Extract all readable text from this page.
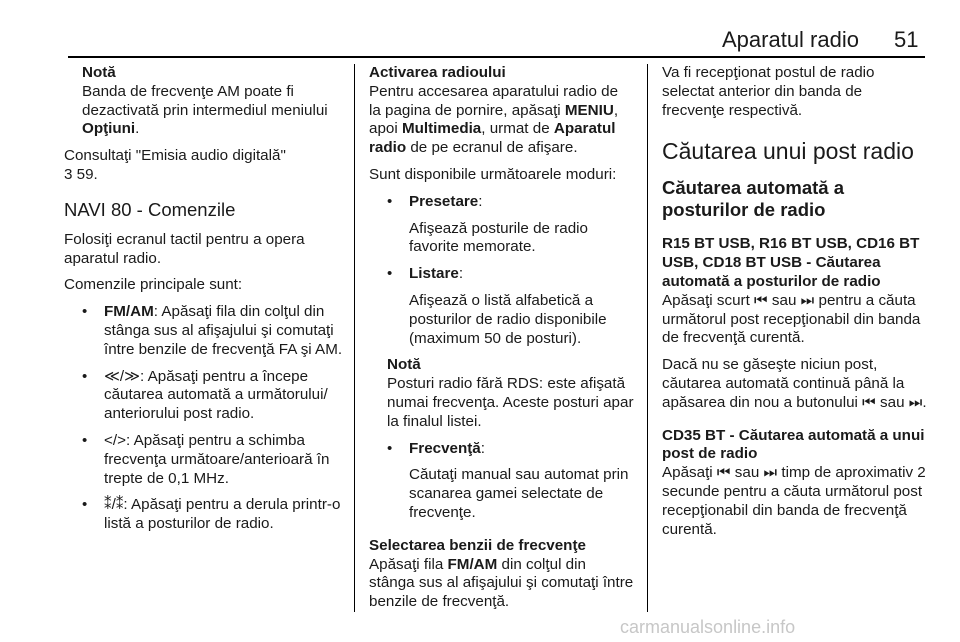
Aparatul radio 51
Notă
Banda de frecvenţe AM poate fi dezactivată prin intermediul meniului Opţiuni.

Consultaţi "Emisia audio digitală"
3 59.

NAVI 80 - Comenzile

Folosiţi ecranul tactil pentru a opera aparatul radio.

Comenzile principale sunt:

• FM/AM: Apăsaţi fila din colţul din stânga sus al afişajului şi comutaţi între benzile de frecvenţă FA şi AM.
• ≪/≫: Apăsaţi pentru a începe căutarea automată a următorului/ anteriorului post radio.
• </>: Apăsaţi pentru a schimba frecvenţa următoare/anterioară în trepte de 0,1 MHz.
• ⁑/⁑: Apăsaţi pentru a derula printr-o listă a posturilor de radio.
Activarea radioului

Pentru accesarea aparatului radio de la pagina de pornire, apăsaţi MENIU, apoi Multimedia, urmat de Aparatul radio de pe ecranul de afişare.

Sunt disponibile următoarele moduri:

• Presetare:
Afişează posturile de radio favorite memorate.
• Listare:
Afişează o listă alfabetică a posturilor de radio disponibile (maximum 50 de posturi).
Notă
Posturi radio fără RDS: este afişată numai frecvenţa. Aceste posturi apar la finalul listei.
• Frecvenţă:
Căutaţi manual sau automat prin scanarea gamei selectate de frecvenţe.
Selectarea benzii de frecvenţe

Apăsaţi fila FM/AM din colţul din stânga sus al afişajului şi comutaţi între benzile de frecvenţă.

Va fi recepţionat postul de radio selectat anterior din banda de frecvenţe respectivă.

Căutarea unui post radio
Căutarea automată a posturilor de radio
R15 BT USB, R16 BT USB, CD16 BT USB, CD18 BT USB - Căutarea automată a posturilor de radio

Apăsaţi scurt ⏮ sau ⏭ pentru a căuta următorul post recepţionabil din banda de frecvenţă curentă.

Dacă nu se găseşte niciun post, căutarea automată continuă până la apăsarea din nou a butonului ⏮ sau ⏭.

CD35 BT - Căutarea automată a unui post de radio

Apăsaţi ⏮ sau ⏭ timp de aproximativ 2 secunde pentru a căuta următorul post recepţionabil din banda de frecvenţă curentă.

carmanualsonline.info
